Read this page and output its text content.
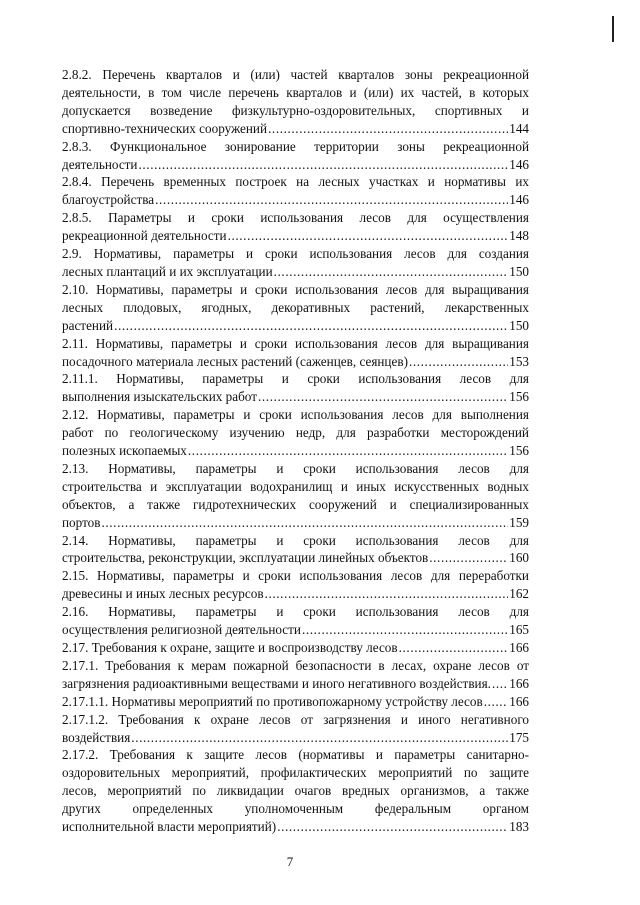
2.8.2. Перечень кварталов и (или) частей кварталов зоны рекреационной
деятельности, в том числе перечень кварталов и (или) их частей, в которых
допускается возведение физкультурно-оздоровительных, спортивных и
спортивно-технических сооружений .....	144
2.8.3. Функциональное зонирование территории зоны рекреационной
деятельности .....	146
2.8.4. Перечень временных построек на лесных участках и нормативы их
благоустройства .....	146
2.8.5. Параметры и сроки использования лесов для осуществления
рекреационной деятельности .....	148
2.9. Нормативы, параметры и сроки использования лесов для создания
лесных плантаций и их эксплуатации .....	150
2.10. Нормативы, параметры и сроки использования лесов для выращивания
лесных плодовых, ягодных, декоративных растений, лекарственных
растений .....	150
2.11. Нормативы, параметры и сроки использования лесов для выращивания
посадочного материала лесных растений (саженцев, сеянцев) .....	153
2.11.1. Нормативы, параметры и сроки использования лесов для
выполнения изыскательских работ .....	156
2.12. Нормативы, параметры и сроки использования лесов для выполнения
работ по геологическому изучению недр, для разработки месторождений
полезных ископаемых .....	156
2.13. Нормативы, параметры и сроки использования лесов для
строительства и эксплуатации водохранилищ и иных искусственных водных
объектов, а также гидротехнических сооружений и специализированных
портов .....	159
2.14. Нормативы, параметры и сроки использования лесов для
строительства, реконструкции, эксплуатации линейных объектов .....	160
2.15. Нормативы, параметры и сроки использования лесов для переработки
древесины и иных лесных ресурсов .....	162
2.16. Нормативы, параметры и сроки использования лесов для
осуществления религиозной деятельности .....	165
2.17. Требования к охране, защите и воспроизводству лесов .....	166
2.17.1. Требования к мерам пожарной безопасности в лесах, охране лесов от
загрязнения радиоактивными веществами и иного негативного воздействия. ..... 166
2.17.1.1. Нормативы мероприятий по противопожарному устройству лесов ..... 166
2.17.1.2. Требования к охране лесов от загрязнения и иного негативного
воздействия .....	175
2.17.2. Требования к защите лесов (нормативы и параметры санитарно-
оздоровительных мероприятий, профилактических мероприятий по защите
лесов, мероприятий по ликвидации очагов вредных организмов, а также
других определенных уполномоченным федеральным органом
исполнительной власти мероприятий) .....	183
7
